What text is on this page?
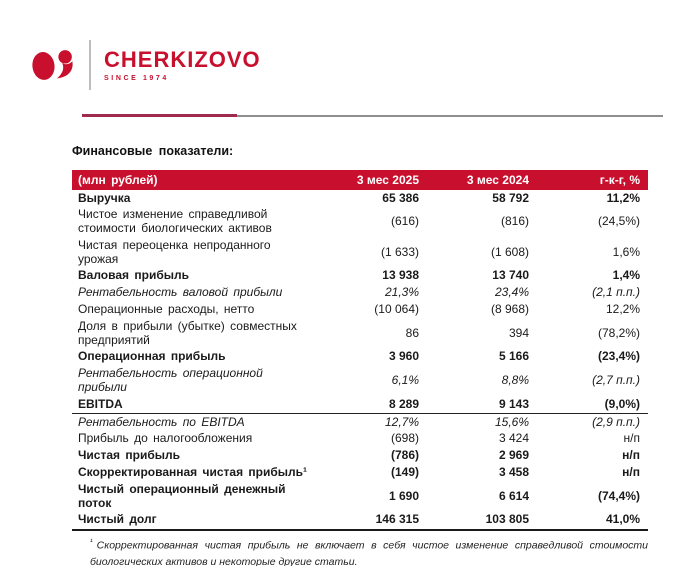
CHERKIZOVO
SINCE 1974
Финансовые показатели:
(млн рублей)	3 мес 2025	3 мес 2024	г-к-г, %
Выручка	65 386	58 792	11,2%
Чистое изменение справедливой стоимости биологических активов	(616)	(816)	(24,5%)
Чистая переоценка непроданного урожая	(1 633)	(1 608)	1,6%
Валовая прибыль	13 938	13 740	1,4%
Рентабельность валовой прибыли	21,3%	23,4%	(2,1 п.п.)
Операционные расходы, нетто	(10 064)	(8 968)	12,2%
Доля в прибыли (убытке) совместных предприятий	86	394	(78,2%)
Операционная прибыль	3 960	5 166	(23,4%)
Рентабельность операционной прибыли	6,1%	8,8%	(2,7 п.п.)
EBITDA	8 289	9 143	(9,0%)
Рентабельность по EBITDA	12,7%	15,6%	(2,9 п.п.)
Прибыль до налогообложения	(698)	3 424	н/п
Чистая прибыль	(786)	2 969	н/п
Скорректированная чистая прибыль¹	(149)	3 458	н/п
Чистый операционный денежный поток	1 690	6 614	(74,4%)
Чистый долг	146 315	103 805	41,0%
$^{^1}$ Скорректированная чистая прибыль не включает в себя чистое изменение справедливой стоимости биологических активов и некоторые другие статьи.
